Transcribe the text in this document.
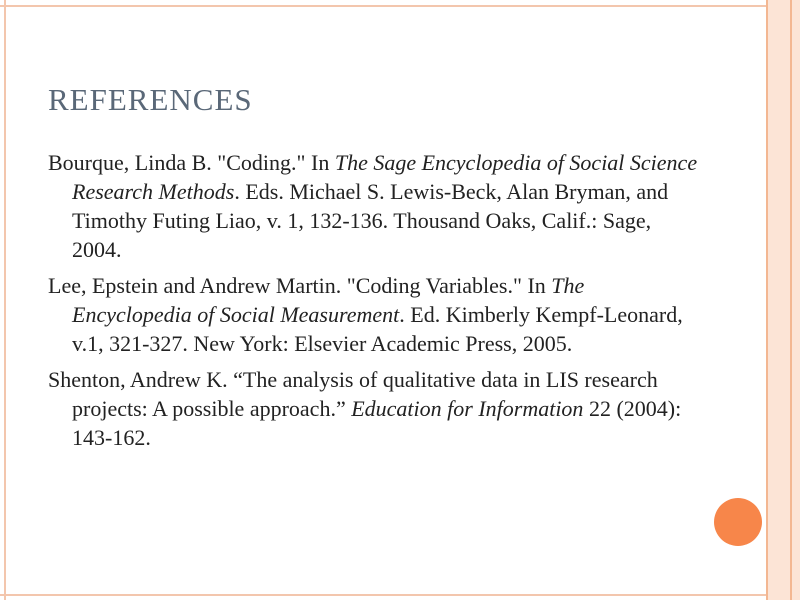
REFERENCES

Bourque, Linda B. "Coding." In The Sage Encyclopedia of Social Science Research Methods. Eds. Michael S. Lewis-Beck, Alan Bryman, and Timothy Futing Liao, v. 1, 132-136. Thousand Oaks, Calif.: Sage, 2004.

Lee, Epstein and Andrew Martin. "Coding Variables." In The Encyclopedia of Social Measurement. Ed. Kimberly Kempf-Leonard, v.1, 321-327. New York: Elsevier Academic Press, 2005.

Shenton, Andrew K. “The analysis of qualitative data in LIS research projects: A possible approach.” Education for Information 22 (2004): 143-162.
